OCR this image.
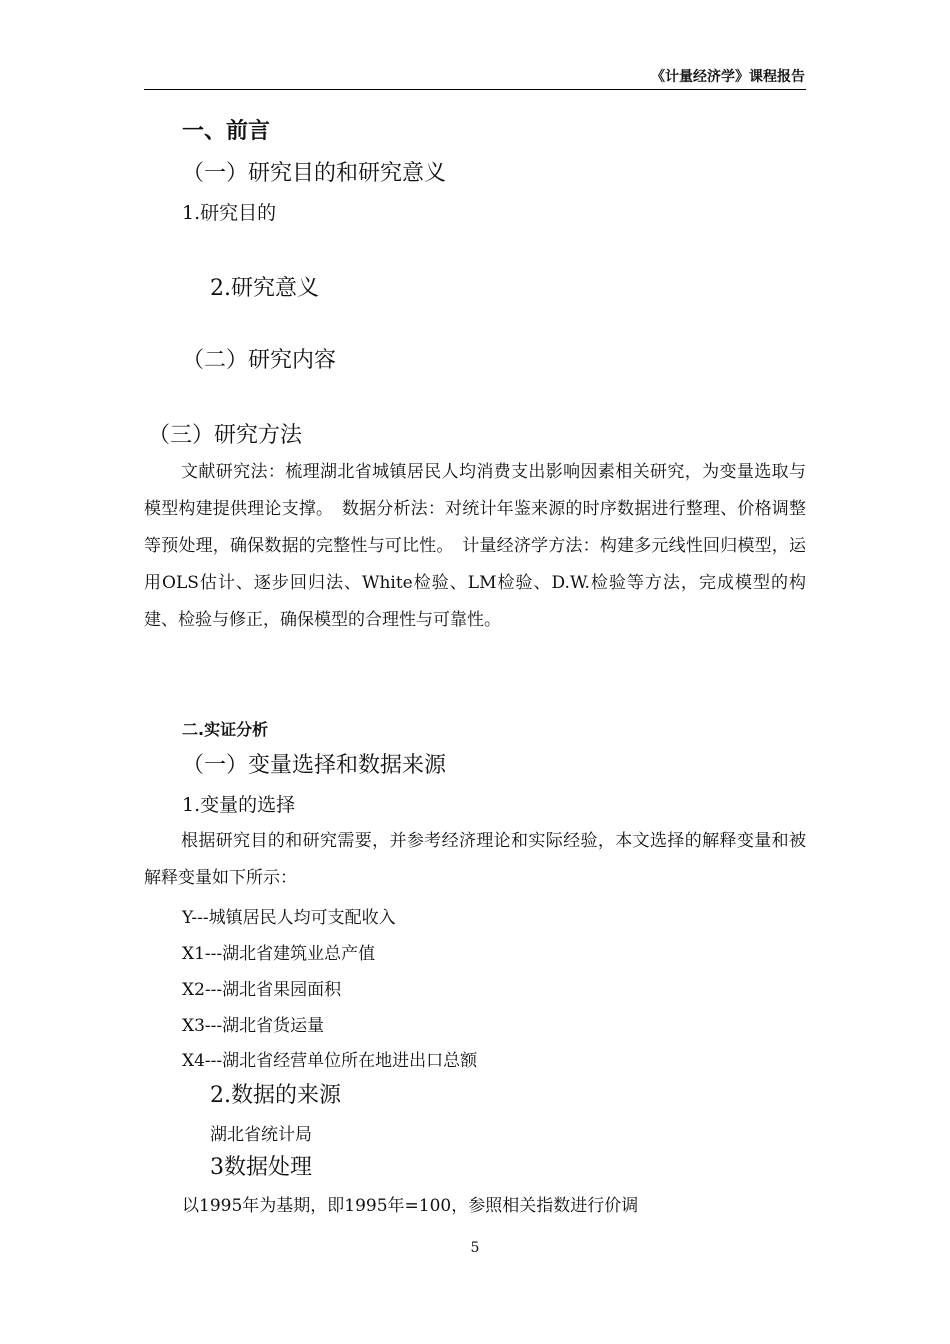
《计量经济学》课程报告
一、前言
（一）研究目的和研究意义
1.研究目的
2.研究意义
（二）研究内容
（三）研究方法
文献研究法：梳理湖北省城镇居民人均消费支出影响因素相关研究，为变量选取与模型构建提供理论支撑。　数据分析法：对统计年鉴来源的时序数据进行整理、价格调整等预处理，确保数据的完整性与可比性。　计量经济学方法：构建多元线性回归模型，运用OLS估计、逐步回归法、White检验、LM检验、D.W.检验等方法，完成模型的构建、检验与修正，确保模型的合理性与可靠性。
二.实证分析
（一）变量选择和数据来源
1.变量的选择
根据研究目的和研究需要，并参考经济理论和实际经验，本文选择的解释变量和被解释变量如下所示：
Y---城镇居民人均可支配收入
X1---湖北省建筑业总产值
X2---湖北省果园面积
X3---湖北省货运量
X4---湖北省经营单位所在地进出口总额
2.数据的来源
湖北省统计局
3数据处理
以1995年为基期，即1995年=100，参照相关指数进行价调
5
